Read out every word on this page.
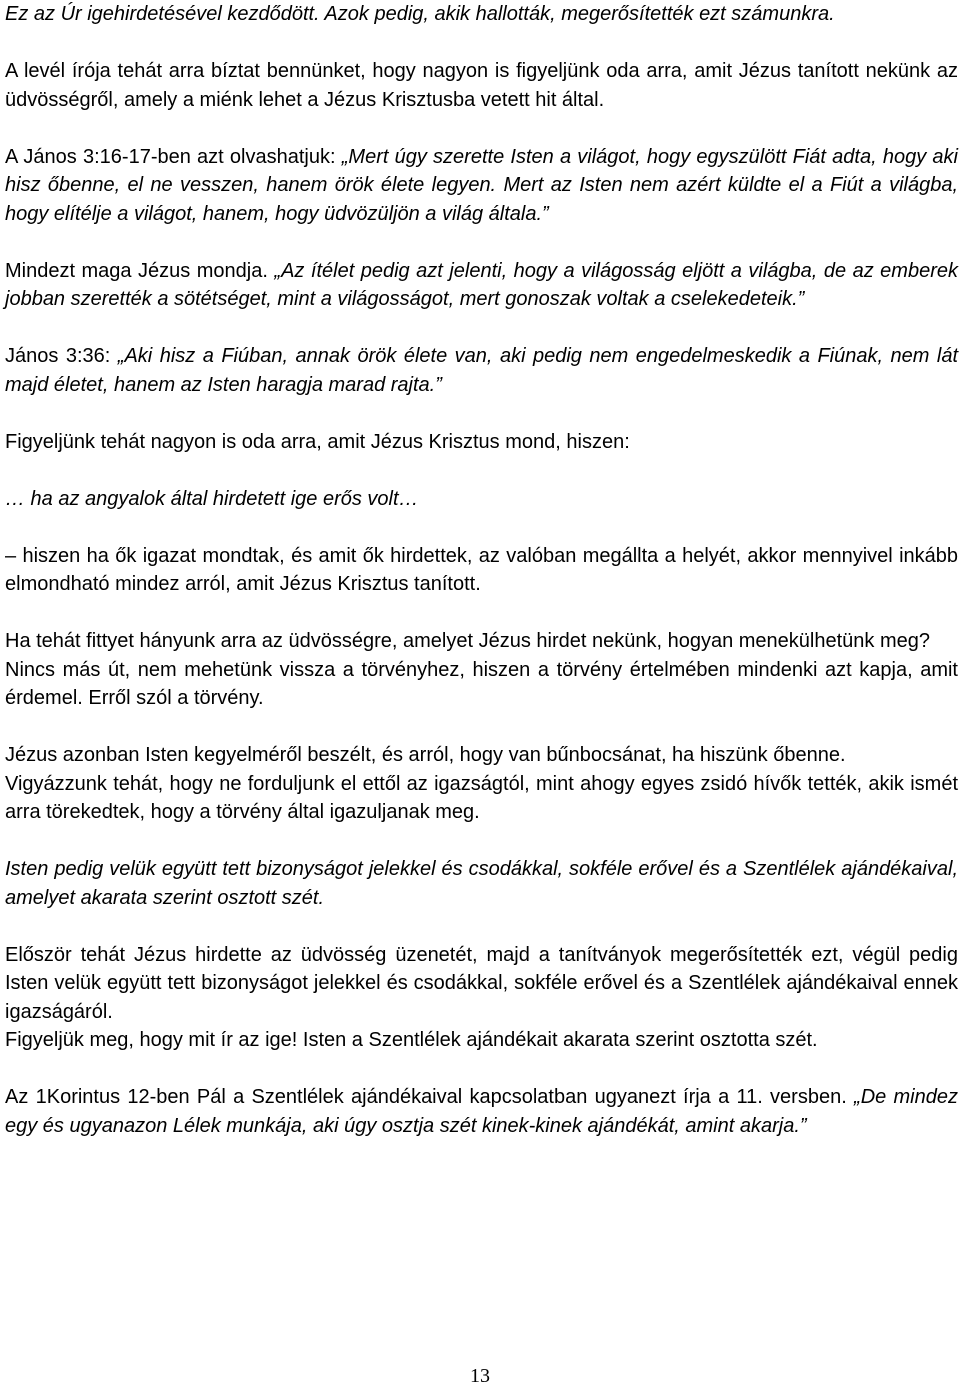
Ez az Úr igehirdetésével kezdődött. Azok pedig, akik hallották, megerősítették ezt számunkra.

A levél írója tehát arra bíztat bennünket, hogy nagyon is figyeljünk oda arra, amit Jézus tanított nekünk az üdvösségről, amely a miénk lehet a Jézus Krisztusba vetett hit által.

A János 3:16-17-ben azt olvashatjuk: „Mert úgy szerette Isten a világot, hogy egyszülött Fiát adta, hogy aki hisz őbenne, el ne vesszen, hanem örök élete legyen. Mert az Isten nem azért küldte el a Fiút a világba, hogy elítélje a világot, hanem, hogy üdvözüljön a világ általa.”

Mindezt maga Jézus mondja. „Az ítélet pedig azt jelenti, hogy a világosság eljött a világba, de az emberek jobban szerették a sötétséget, mint a világosságot, mert gonoszak voltak a cselekedeteik.”

János 3:36: „Aki hisz a Fiúban, annak örök élete van, aki pedig nem engedelmeskedik a Fiúnak, nem lát majd életet, hanem az Isten haragja marad rajta.”

Figyeljünk tehát nagyon is oda arra, amit Jézus Krisztus mond, hiszen:

… ha az angyalok által hirdetett ige erős volt…

– hiszen ha ők igazat mondtak, és amit ők hirdettek, az valóban megállta a helyét, akkor mennyivel inkább elmondható mindez arról, amit Jézus Krisztus tanított.

Ha tehát fittyet hányunk arra az üdvösségre, amelyet Jézus hirdet nekünk, hogyan menekülhetünk meg?

Nincs más út, nem mehetünk vissza a törvényhez, hiszen a törvény értelmében mindenki azt kapja, amit érdemel. Erről szól a törvény.

Jézus azonban Isten kegyelméről beszélt, és arról, hogy van bűnbocsánat, ha hiszünk őbenne.

Vigyázzunk tehát, hogy ne forduljunk el ettől az igazságtól, mint ahogy egyes zsidó hívők tették, akik ismét arra törekedtek, hogy a törvény által igazuljanak meg.

Isten pedig velük együtt tett bizonyságot jelekkel és csodákkal, sokféle erővel és a Szentlélek ajándékaival, amelyet akarata szerint osztott szét.

Először tehát Jézus hirdette az üdvösség üzenetét, majd a tanítványok megerősítették ezt, végül pedig Isten velük együtt tett bizonyságot jelekkel és csodákkal, sokféle erővel és a Szentlélek ajándékaival ennek igazságáról.

Figyeljük meg, hogy mit ír az ige! Isten a Szentlélek ajándékait akarata szerint osztotta szét.

Az 1Korintus 12-ben Pál a Szentlélek ajándékaival kapcsolatban ugyanezt írja a 11. versben. „De mindez egy és ugyanazon Lélek munkája, aki úgy osztja szét kinek-kinek ajándékát, amint akarja.”

13
